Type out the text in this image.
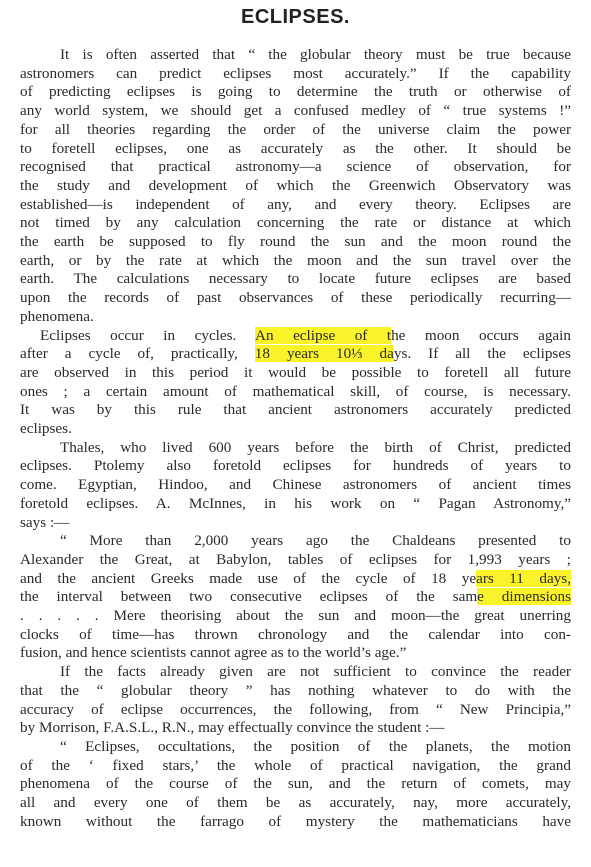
ECLIPSES.
It is often asserted that “ the globular theory must be true because
astronomers can predict eclipses most accurately.” If the capability
of predicting eclipses is going to determine the truth or otherwise of
any world system, we should get a confused medley of “ true systems !”
for all theories regarding the order of the universe claim the power
to foretell eclipses, one as accurately as the other. It should be
recognised that practical astronomy—a science of observation, for
the study and development of which the Greenwich Observatory was
established—is independent of any, and every theory. Eclipses are
not timed by any calculation concerning the rate or distance at which
the earth be supposed to fly round the sun and the moon round the
earth, or by the rate at which the moon and the sun travel over the
earth. The calculations necessary to locate future eclipses are based
upon the records of past observances of these periodically recurring—
phenomena.
Eclipses occur in cycles. An eclipse of the moon occurs again
after a cycle of, practically, 18 years 10⅓ days. If all the eclipses
are observed in this period it would be possible to foretell all future
ones ; a certain amount of mathematical skill, of course, is necessary.
It was by this rule that ancient astronomers accurately predicted
eclipses.
Thales, who lived 600 years before the birth of Christ, predicted
eclipses. Ptolemy also foretold eclipses for hundreds of years to
come. Egyptian, Hindoo, and Chinese astronomers of ancient times
foretold eclipses. A. McInnes, in his work on “ Pagan Astronomy,”
says :—
“ More than 2,000 years ago the Chaldeans presented to
Alexander the Great, at Babylon, tables of eclipses for 1,993 years ;
and the ancient Greeks made use of the cycle of 18 years 11 days,
the interval between two consecutive eclipses of the same dimensions
. . . . . Mere theorising about the sun and moon—the great unerring
clocks of time—has thrown chronology and the calendar into con-
fusion, and hence scientists cannot agree as to the world’s age.”
If the facts already given are not sufficient to convince the reader
that the “ globular theory ” has nothing whatever to do with the
accuracy of eclipse occurrences, the following, from “ New Principia,”
by Morrison, F.A.S.L., R.N., may effectually convince the student :—
“ Eclipses, occultations, the position of the planets, the motion
of the ‘ fixed stars,’ the whole of practical navigation, the grand
phenomena of the course of the sun, and the return of comets, may
all and every one of them be as accurately, nay, more accurately,
known without the farrago of mystery the mathematicians have
